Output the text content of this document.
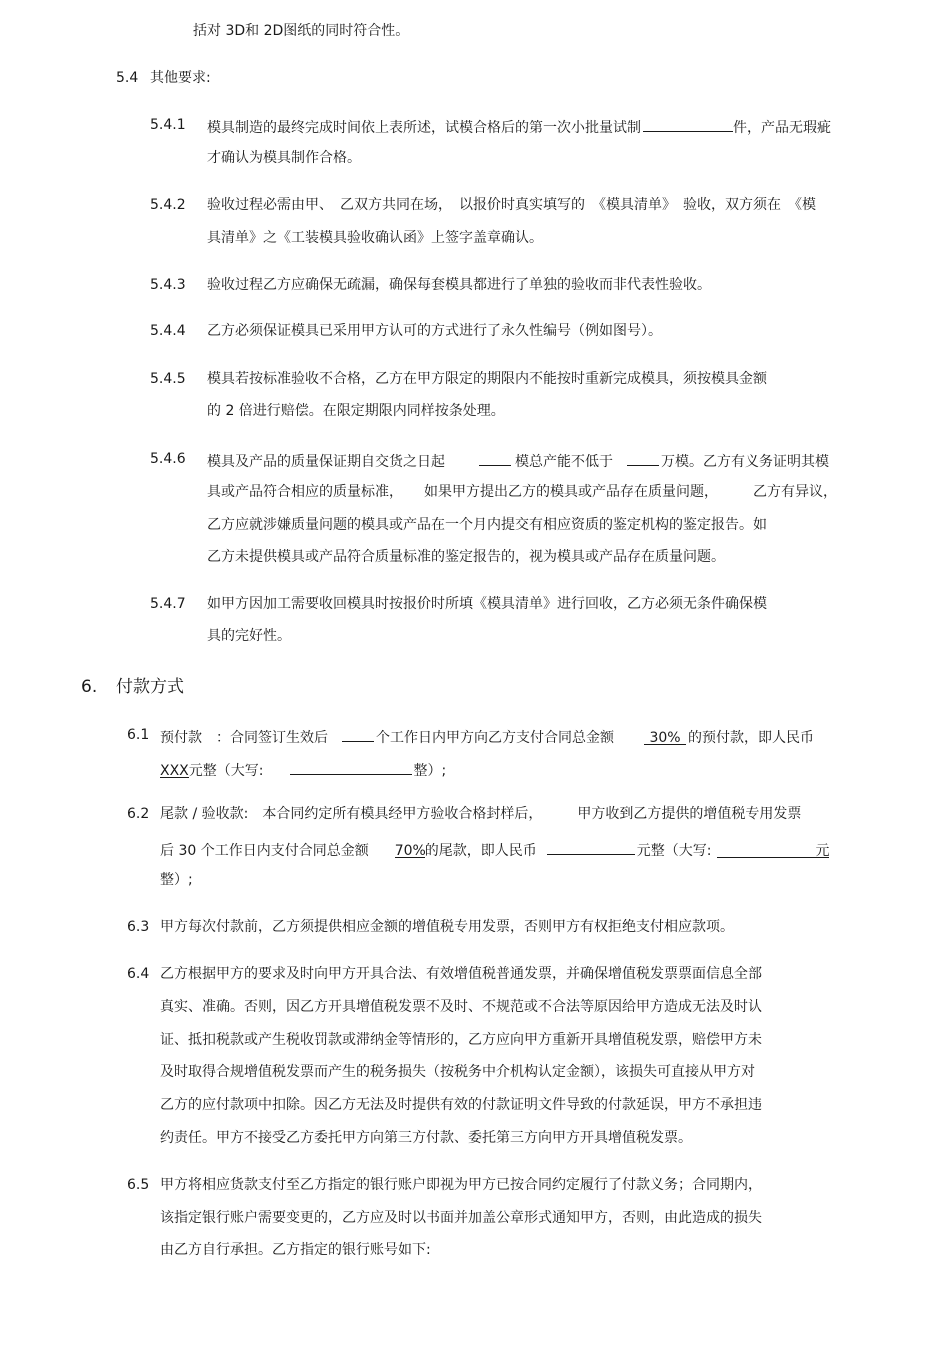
括对 3D和 2D图纸的同时符合性。
5.4 其他要求:
5.4.1 模具制造的最终完成时间依上表所述，试模合格后的第一次小批量试制	件，产品无瑕疵
才确认为模具制作合格。
5.4.2 验收过程必需由甲、　乙双方共同在场，　以报价时真实填写的　《模具清单》　验收，双方须在　《模
具清单》之《工装模具验收确认函》上签字盖章确认。
5.4.3 验收过程乙方应确保无疏漏，确保每套模具都进行了单独的验收而非代表性验收。
5.4.4 乙方必须保证模具已采用甲方认可的方式进行了永久性编号（例如图号）。
5.4.5 模具若按标准验收不合格，乙方在甲方限定的期限内不能按时重新完成模具，须按模具金额
的 2 倍进行赔偿。在限定期限内同样按条处理。
5.4.6 模具及产品的质量保证期自交货之日起	模总产能不低于	万模。乙方有义务证明其模
具或产品符合相应的质量标准，　　如果甲方提出乙方的模具或产品存在质量问题，　　　乙方有异议，
乙方应就涉嫌质量问题的模具或产品在一个月内提交有相应资质的鉴定机构的鉴定报告。如
乙方未提供模具或产品符合质量标准的鉴定报告的，视为模具或产品存在质量问题。
5.4.7 如甲方因加工需要收回模具时按报价时所填《模具清单》进行回收，乙方必须无条件确保模
具的完好性。
6. 付款方式
6.1 预付款　：合同签订生效后	个工作日内甲方向乙方支付合同总金额	30% 的预付款，即人民币
XXX元整（大写:	整）;
6.2 尾款 / 验收款:　本合同约定所有模具经甲方验收合格封样后，　　　甲方收到乙方提供的增值税专用发票
后 30 个工作日内支付合同总金额 70%的尾款，即人民币	元整（大写:	元
整）;
6.3 甲方每次付款前，乙方须提供相应金额的增值税专用发票，否则甲方有权拒绝支付相应款项。
6.4 乙方根据甲方的要求及时向甲方开具合法、有效增值税普通发票，并确保增值税发票票面信息全部
真实、准确。否则，因乙方开具增值税发票不及时、不规范或不合法等原因给甲方造成无法及时认
证、抵扣税款或产生税收罚款或滞纳金等情形的，乙方应向甲方重新开具增值税发票，赔偿甲方未
及时取得合规增值税发票而产生的税务损失（按税务中介机构认定金额），该损失可直接从甲方对
乙方的应付款项中扣除。因乙方无法及时提供有效的付款证明文件导致的付款延误，甲方不承担违
约责任。甲方不接受乙方委托甲方向第三方付款、委托第三方向甲方开具增值税发票。
6.5 甲方将相应货款支付至乙方指定的银行账户即视为甲方已按合同约定履行了付款义务；合同期内，
该指定银行账户需要变更的，乙方应及时以书面并加盖公章形式通知甲方，否则，由此造成的损失
由乙方自行承担。乙方指定的银行账号如下:
